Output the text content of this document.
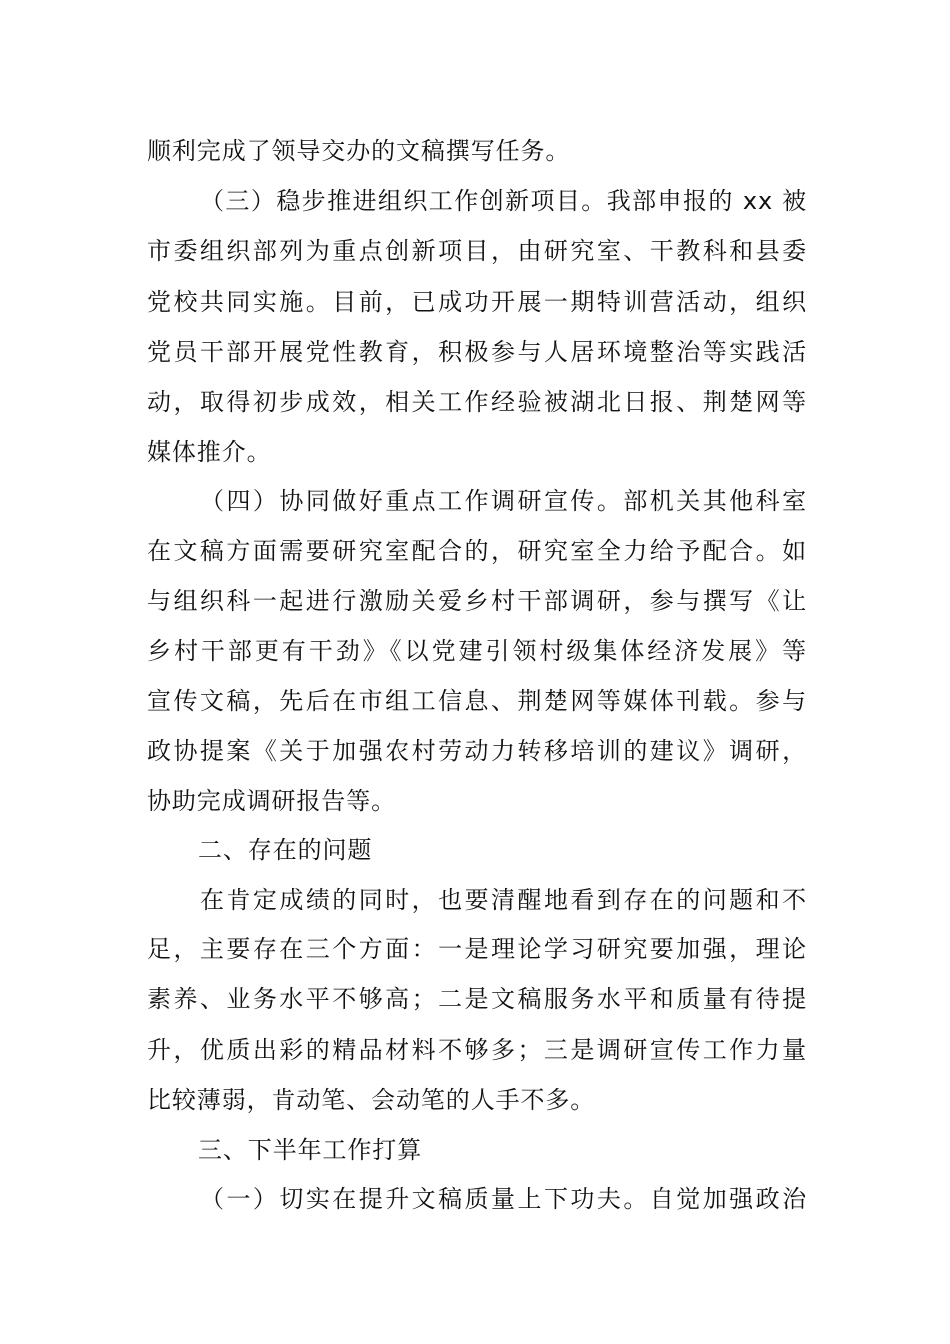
顺利完成了领导交办的文稿撰写任务。
（三）稳步推进组织工作创新项目。我部申报的 xx 被
市委组织部列为重点创新项目，由研究室、干教科和县委
党校共同实施。目前，已成功开展一期特训营活动，组织
党员干部开展党性教育，积极参与人居环境整治等实践活
动，取得初步成效，相关工作经验被湖北日报、荆楚网等
媒体推介。
（四）协同做好重点工作调研宣传。部机关其他科室
在文稿方面需要研究室配合的，研究室全力给予配合。如
与组织科一起进行激励关爱乡村干部调研，参与撰写《让
乡村干部更有干劲》《以党建引领村级集体经济发展》等
宣传文稿，先后在市组工信息、荆楚网等媒体刊载。参与
政协提案《关于加强农村劳动力转移培训的建议》调研，
协助完成调研报告等。
二、存在的问题
在肯定成绩的同时，也要清醒地看到存在的问题和不
足，主要存在三个方面：一是理论学习研究要加强，理论
素养、业务水平不够高；二是文稿服务水平和质量有待提
升，优质出彩的精品材料不够多；三是调研宣传工作力量
比较薄弱，肯动笔、会动笔的人手不多。
三、下半年工作打算
（一）切实在提升文稿质量上下功夫。自觉加强政治
